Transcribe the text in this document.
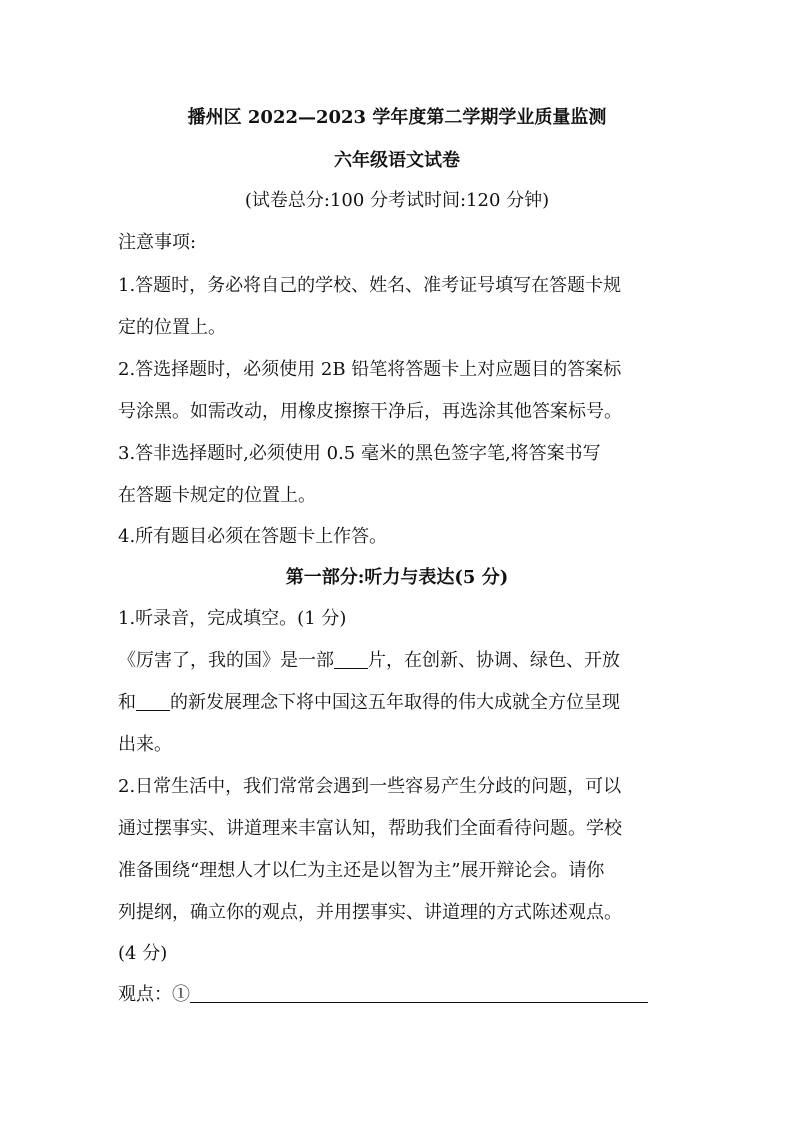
播州区 2022—2023 学年度第二学期学业质量监测
六年级语文试卷
(试卷总分:100 分考试时间:120 分钟)
注意事项:
1.答题时，务必将自己的学校、姓名、准考证号填写在答题卡规
定的位置上。
2.答选择题时，必须使用 2B 铅笔将答题卡上对应题目的答案标
号涂黑。如需改动，用橡皮擦擦干净后，再选涂其他答案标号。
3.答非选择题时,必须使用 0.5 毫米的黑色签字笔,将答案书写
在答题卡规定的位置上。
4.所有题目必须在答题卡上作答。
第一部分:听力与表达(5 分)
1.听录音，完成填空。(1 分)
《厉害了，我的国》是一部 片，在创新、协调、绿色、开放
和 的新发展理念下将中国这五年取得的伟大成就全方位呈现
出来。
2.日常生活中，我们常常会遇到一些容易产生分歧的问题，可以
通过摆事实、讲道理来丰富认知，帮助我们全面看待问题。学校
准备围绕“理想人才以仁为主还是以智为主”展开辩论会。请你
列提纲，确立你的观点，并用摆事实、讲道理的方式陈述观点。
(4 分)
观点：①
